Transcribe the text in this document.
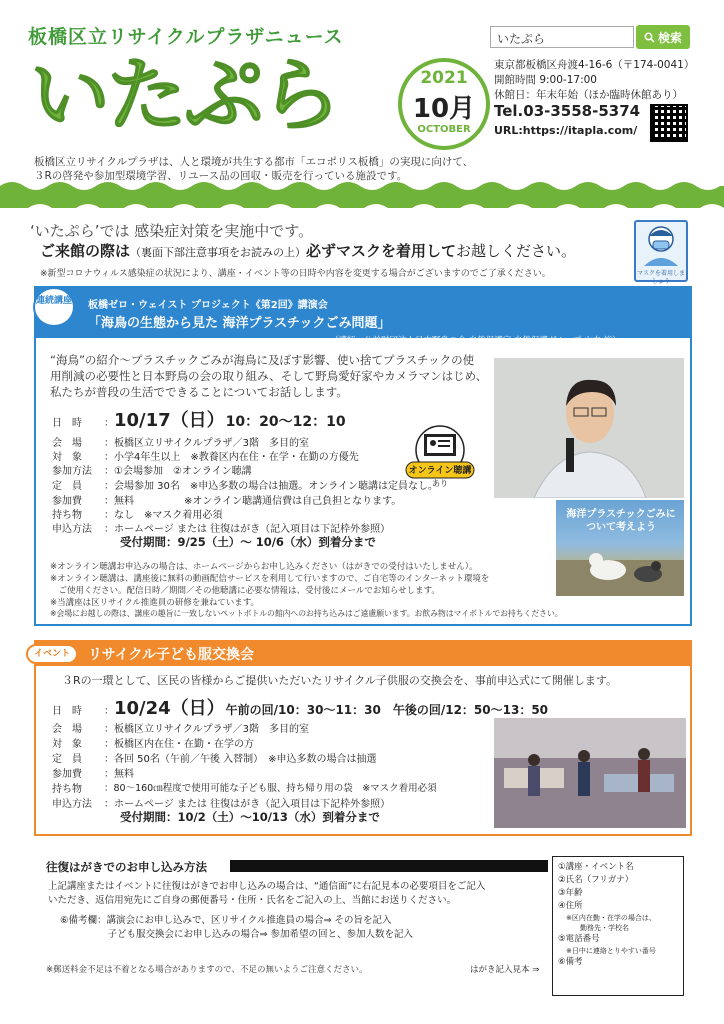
板橋区立リサイクルプラザニュース
いたぷら	2021
10月
OCTOBER
いたぷら	検索
東京都板橋区舟渡4-16-6（〒174-0041）
開館時間 9:00-17:00
休館日：年末年始（ほか臨時休館あり）
Tel.03-3558-5374
URL:https://itapla.com/
板橋区立リサイクルプラザは、人と環境が共生する都市「エコポリス板橋」の実現に向けて、
３Rの啓発や参加型環境学習、リユース品の回収・販売を行っている施設です。
‘いたぷら’では 感染症対策を実施中です。
ご来館の際は（裏面下部注意事項をお読みの上）必ずマスクを着用してお越しください。
※新型コロナウィルス感染症の状況により、講座・イベント等の日時や内容を変更する場合がございますのでご了承ください。	マスクを着用しましょう
連続講座	板橋ゼロ・ウェイスト プロジェクト《第2回》講演会
「海鳥の生態から見た 海洋プラスチックごみ問題」
（講師：公益財団法人日本野鳥の会 自然保護室 自然保護グループ 山本 裕）
“海鳥”の紹介～プラスチックごみが海鳥に及ぼす影響、使い捨てプラスチックの使
用削減の必要性と日本野鳥の会の取り組み、そして野鳥愛好家やカメラマンはじめ、
私たちが普段の生活でできることについてお話しします。
日　時 ：10/17（日）　 10：20～12：10
会　場 ：板橋区立リサイクルプラザ／3階　多目的室
対　象 ：小学4年生以上　※教養区内在住・在学・在勤の方優先
参加方法 ：①会場参加　②オンライン聴講
定　員 ：会場参加 30名　※申込多数の場合は抽選。オンライン聴講は定員なし。
参加費 ：無料　　　　　※オンライン聴講通信費は自己負担となります。
持ち物 ：なし　※マスク着用必須
申込方法 ：ホームページ または 往復はがき（記入項目は下記枠外参照）
受付期間：9/25（土）～ 10/6（水）到着分まで
※オンライン聴講お申込みの場合は、ホームページからお申し込みください（はがきでの受付はいたしません）。
※オンライン聴講は、講座後に無料の動画配信サービスを利用して行いますので、ご自宅等のインターネット環境を
　ご使用ください。配信日時／期間／その他聴講に必要な情報は、受付後にメールでお知らせします。
※当講座は区リサイクル推進員の研修を兼ねています。
※会場にお越しの際は、講座の趣旨に一致しないペットボトルの館内へのお持ち込みはご遠慮願います。お飲み物はマイボトルでお持ちください。
オンライン聴講
あり
海洋プラスチックごみについて考えよう
イベント	リサイクル子ども服交換会
３Rの一環として、区民の皆様からご提供いただいたリサイクル子供服の交換会を、事前申込式にて開催します。
日　時 ：10/24（日）　 午前の回/10：30～11：30　午後の回/12：50～13：50
会　場 ：板橋区立リサイクルプラザ／3階　多目的室
対　象 ：板橋区内在住・在勤・在学の方
定　員 ：各回 50名（午前／午後 入替制）　※申込多数の場合は抽選
参加費 ：無料
持ち物 ：80～160㎝程度で使用可能な子ども服、持ち帰り用の袋　※マスク着用必須
申込方法 ：ホームページ または 往復はがき（記入項目は下記枠外参照）
受付期間：10/2（土）～10/13（水）到着分まで
往復はがきでのお申し込み方法
上記講座またはイベントに往復はがきでお申し込みの場合は、“通信面”に右記見本の必要項目をご記入
いただき、返信用宛先にご自身の郵便番号・住所・氏名をご記入の上、当館にお送りください。
⑥備考欄：講演会にお申し込みで、区リサイクル推進員の場合⇒ その旨を記入
　　　　　子ども服交換会にお申し込みの場合⇒ 参加希望の回と、参加人数を記入
※郵送料金不足は不着となる場合がありますので、不足の無いようご注意ください。	はがき記入見本 ⇒
①講座・イベント名
②氏名（フリガナ）
③年齢
④住所
※区内在勤・在学の場合は、
勤務先・学校名
⑤電話番号
※日中に連絡とりやすい番号
⑥備考
